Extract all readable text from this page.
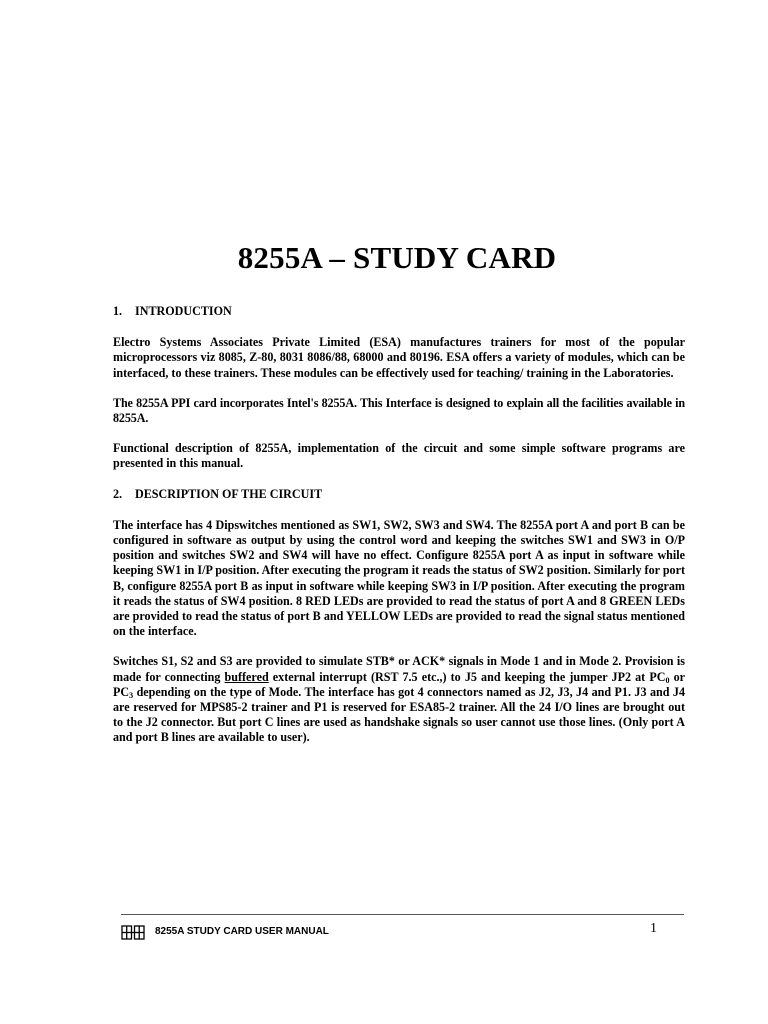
8255A – STUDY CARD
1.	INTRODUCTION

Electro Systems Associates Private Limited (ESA) manufactures trainers for most of the popular microprocessors viz 8085, Z-80, 8031 8086/88, 68000 and 80196. ESA offers a variety of modules, which can be interfaced, to these trainers. These modules can be effectively used for teaching/ training in the Laboratories.

The 8255A PPI card incorporates Intel's 8255A. This Interface is designed to explain all the facilities available in 8255A.

Functional description of 8255A, implementation of the circuit and some simple software programs are presented in this manual.

2.	DESCRIPTION OF THE CIRCUIT

The interface has 4 Dipswitches mentioned as SW1, SW2, SW3 and SW4. The 8255A port A and port B can be configured in software as output by using the control word and keeping the switches SW1 and SW3 in O/P position and switches SW2 and SW4 will have no effect. Configure 8255A port A as input in software while keeping SW1 in I/P position. After executing the program it reads the status of SW2 position. Similarly for port B, configure 8255A port B as input in software while keeping SW3 in I/P position. After executing the program it reads the status of SW4 position. 8 RED LEDs are provided to read the status of port A and 8 GREEN LEDs are provided to read the status of port B and YELLOW LEDs are provided to read the signal status mentioned on the interface.

Switches S1, S2 and S3 are provided to simulate STB* or ACK* signals in Mode 1 and in Mode 2. Provision is made for connecting buffered external interrupt (RST 7.5 etc.,) to J5 and keeping the jumper JP2 at $PC_0$ or $PC_3$ depending on the type of Mode. The interface has got 4 connectors named as J2, J3, J4 and P1. J3 and J4 are reserved for MPS85-2 trainer and P1 is reserved for ESA85-2 trainer. All the 24 I/O lines are brought out to the J2 connector. But port C lines are used as handshake signals so user cannot use those lines. (Only port A and port B lines are available to user).

8255A STUDY CARD USER MANUAL	1
